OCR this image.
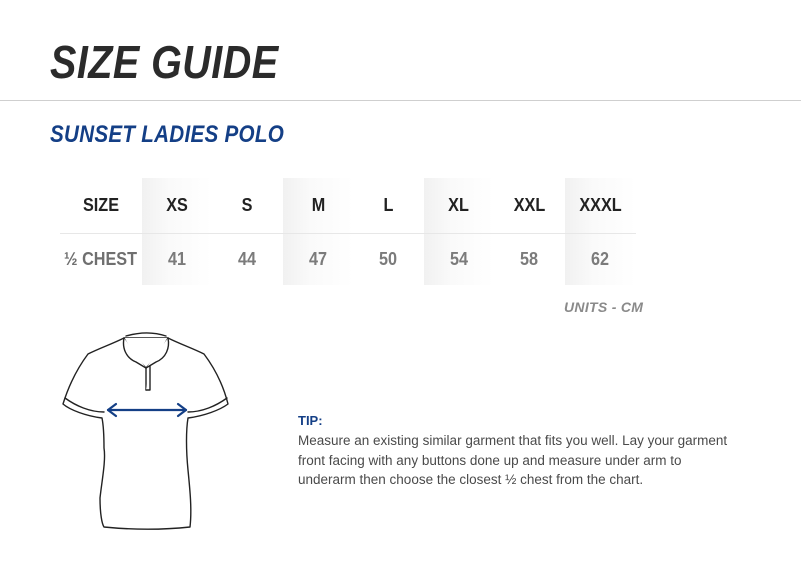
SIZE GUIDE
SUNSET LADIES POLO
SIZE	XS	S	M	L	XL XXL XXXL
½ CHEST 41	44	47	50	54	58	62
UNITS - CM
TIP:
Measure an existing similar garment that fits you well. Lay your garment front facing with any buttons done up and measure under arm to underarm then choose the closest ½ chest from the chart.
